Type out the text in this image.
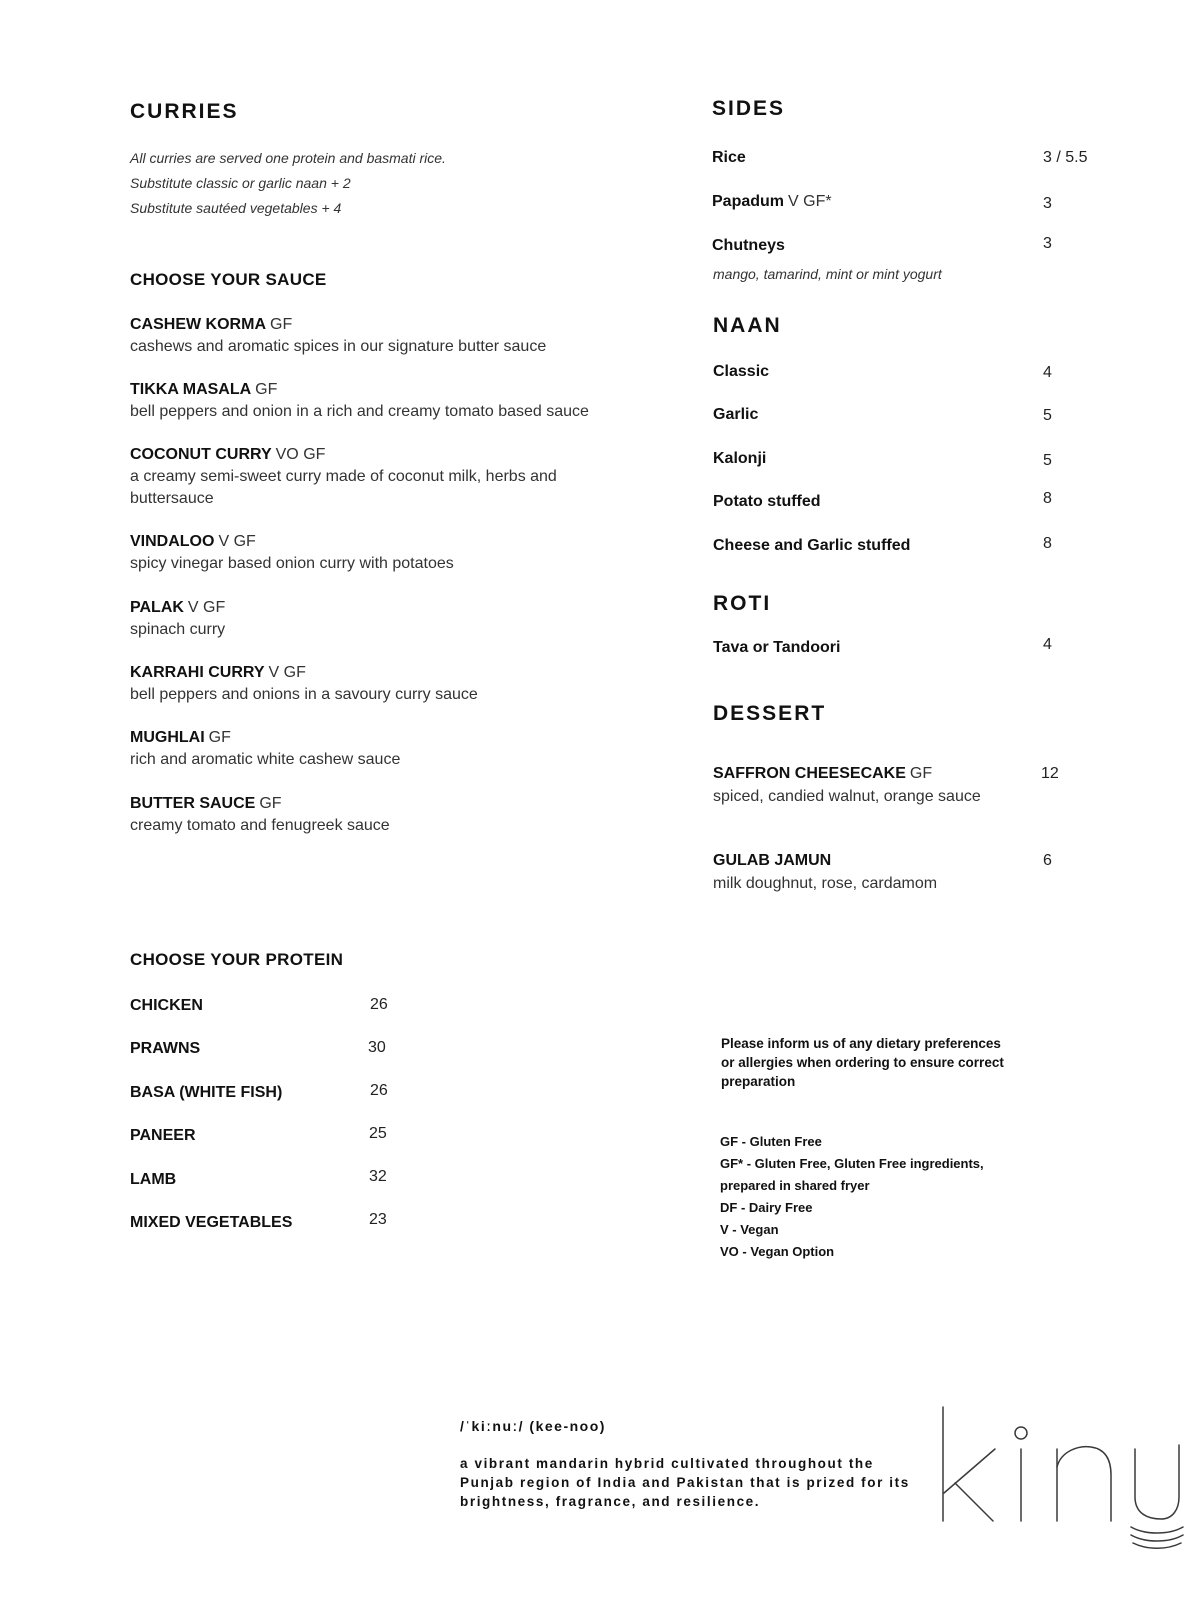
CURRIES
All curries are served one protein and basmati rice.
Substitute classic or garlic naan + 2
Substitute sautéed vegetables + 4
CHOOSE YOUR SAUCE
CASHEW KORMA GF
cashews and aromatic spices in our signature butter sauce
TIKKA MASALA GF
bell peppers and onion in a rich and creamy tomato based sauce
COCONUT CURRY VO GF
a creamy semi-sweet curry made of coconut milk, herbs and buttersauce
VINDALOO V GF
spicy vinegar based onion curry with potatoes
PALAK V GF
spinach curry
KARRAHI CURRY V GF
bell peppers and onions in a savoury curry sauce
MUGHLAI GF
rich and aromatic white cashew sauce
BUTTER SAUCE GF
creamy tomato and fenugreek sauce
CHOOSE YOUR PROTEIN
CHICKEN	26
PRAWNS	30
BASA (WHITE FISH)	26
PANEER	25
LAMB	32
MIXED VEGETABLES	23
SIDES
Rice	3 / 5.5
Papadum V GF*	3
Chutneys	3
mango, tamarind, mint or mint yogurt
NAAN
Classic	4
Garlic	5
Kalonji	5
Potato stuffed	8
Cheese and Garlic stuffed	8
ROTI
Tava or Tandoori	4
DESSERT
SAFFRON CHEESECAKE GF	12
spiced, candied walnut, orange sauce
GULAB JAMUN	6
milk doughnut, rose, cardamom
Please inform us of any dietary preferences or allergies when ordering to ensure correct preparation
GF - Gluten Free
GF* - Gluten Free, Gluten Free ingredients,
prepared in shared fryer
DF - Dairy Free
V - Vegan
VO - Vegan Option
/ˈkiːnuː/ (kee-noo)
a vibrant mandarin hybrid cultivated throughout the Punjab region of India and Pakistan that is prized for its brightness, fragrance, and resilience.
